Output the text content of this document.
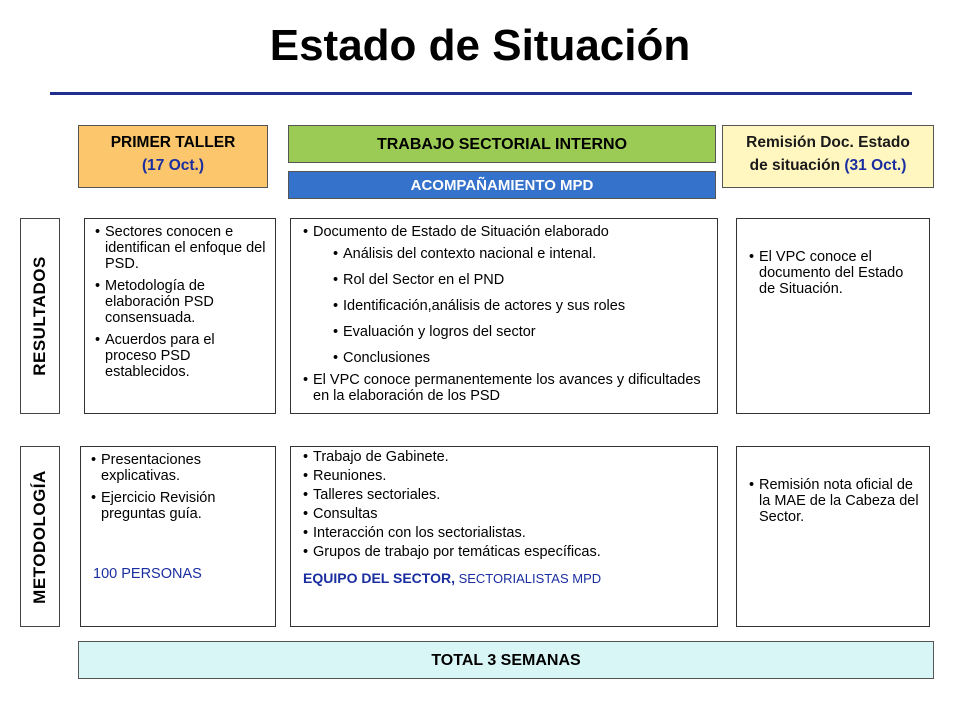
Estado de Situación
PRIMER TALLER
(17 Oct.)
TRABAJO SECTORIAL INTERNO
ACOMPAÑAMIENTO MPD
Remisión Doc. Estado
de situación (31 Oct.)
RESULTADOS
• Sectores conocen e identifican el enfoque del PSD.
• Metodología de elaboración PSD consensuada.
• Acuerdos para el proceso PSD establecidos.
• Documento de Estado de Situación elaborado
• Análisis del contexto nacional e intenal.
• Rol del Sector en el PND
• Identificación,análisis de actores y sus roles
• Evaluación y logros del sector
• Conclusiones
• El VPC conoce permanentemente los avances y dificultades en la elaboración de los PSD
• El VPC conoce el documento del Estado de Situación.
METODOLOGÍA
• Presentaciones explicativas.
• Ejercicio Revisión preguntas guía.
100 PERSONAS
• Trabajo de Gabinete.
• Reuniones.
• Talleres sectoriales.
• Consultas
• Interacción con los sectorialistas.
• Grupos de trabajo por temáticas específicas.
EQUIPO DEL SECTOR, SECTORIALISTAS MPD
• Remisión nota oficial de la MAE de la Cabeza del Sector.
TOTAL 3 SEMANAS
